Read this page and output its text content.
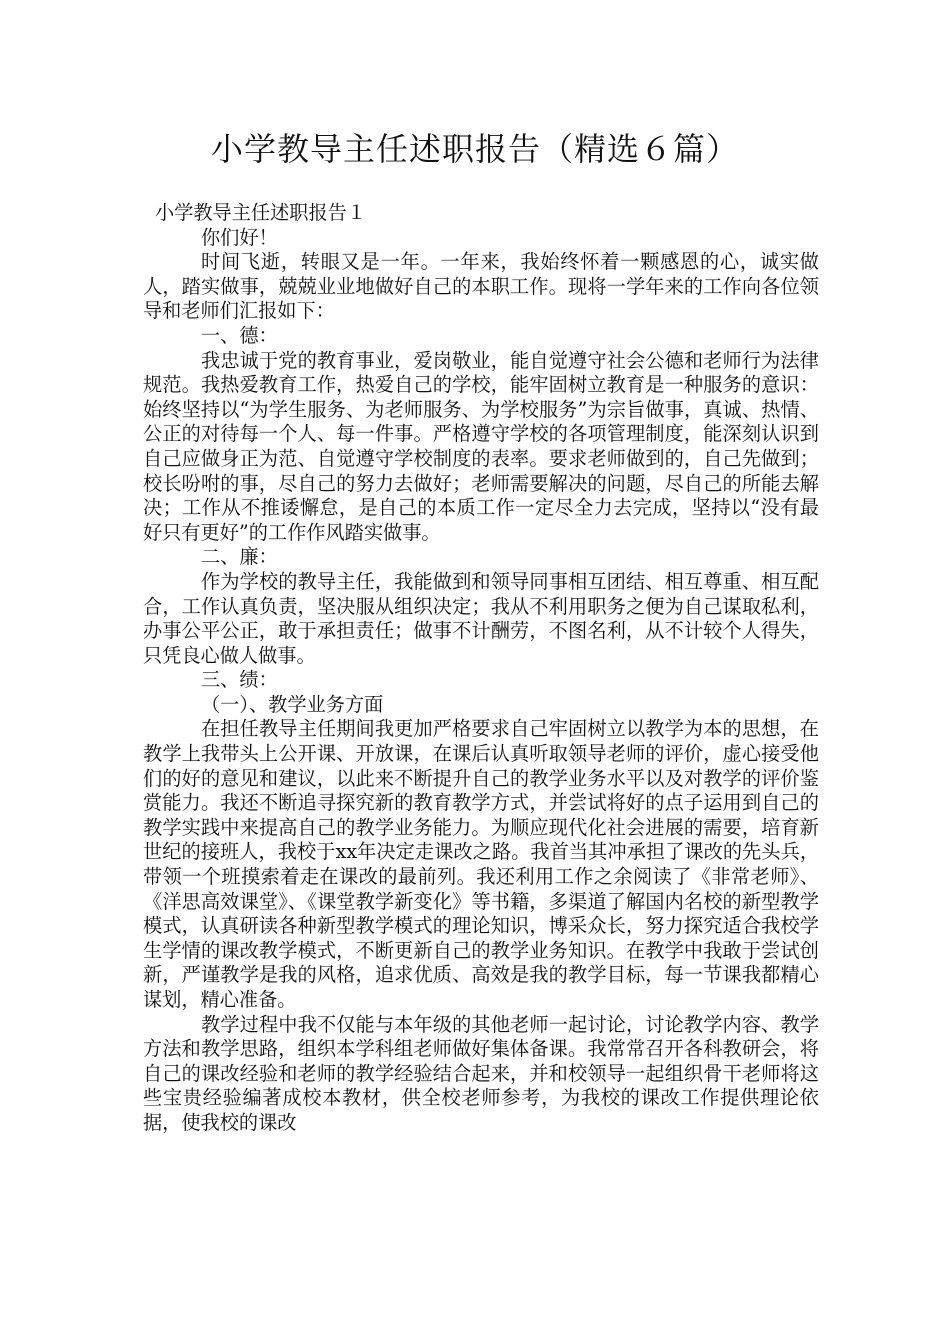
小学教导主任述职报告（精选６篇）

小学教导主任述职报告１

你们好！

时间飞逝，转眼又是一年。一年来，我始终怀着一颗感恩的心，诚实做人，踏实做事，兢兢业业地做好自己的本职工作。现将一学年来的工作向各位领导和老师们汇报如下：

一、德：

我忠诚于党的教育事业，爱岗敬业，能自觉遵守社会公德和老师行为法律规范。我热爱教育工作，热爱自己的学校，能牢固树立教育是一种服务的意识：始终坚持以“为学生服务、为老师服务、为学校服务”为宗旨做事，真诚、热情、公正的对待每一个人、每一件事。严格遵守学校的各项管理制度，能深刻认识到自己应做身正为范、自觉遵守学校制度的表率。要求老师做到的，自己先做到；校长吩咐的事，尽自己的努力去做好；老师需要解决的问题，尽自己的所能去解决；工作从不推诿懈怠，是自己的本质工作一定尽全力去完成，坚持以“没有最好只有更好”的工作作风踏实做事。

二、廉：

作为学校的教导主任，我能做到和领导同事相互团结、相互尊重、相互配合，工作认真负责，坚决服从组织决定；我从不利用职务之便为自己谋取私利，办事公平公正，敢于承担责任；做事不计酬劳，不图名利，从不计较个人得失，只凭良心做人做事。

三、绩：

（一）、教学业务方面

在担任教导主任期间我更加严格要求自己牢固树立以教学为本的思想，在教学上我带头上公开课、开放课，在课后认真听取领导老师的评价，虚心接受他们的好的意见和建议，以此来不断提升自己的教学业务水平以及对教学的评价鉴赏能力。我还不断追寻探究新的教育教学方式，并尝试将好的点子运用到自己的教学实践中来提高自己的教学业务能力。为顺应现代化社会进展的需要，培育新世纪的接班人，我校于xx年决定走课改之路。我首当其冲承担了课改的先头兵，带领一个班摸索着走在课改的最前列。我还利用工作之余阅读了《非常老师》、《洋思高效课堂》、《课堂教学新变化》等书籍，多渠道了解国内名校的新型教学模式，认真研读各种新型教学模式的理论知识，博采众长，努力探究适合我校学生学情的课改教学模式，不断更新自己的教学业务知识。在教学中我敢于尝试创新，严谨教学是我的风格，追求优质、高效是我的教学目标，每一节课我都精心谋划，精心准备。

教学过程中我不仅能与本年级的其他老师一起讨论，讨论教学内容、教学方法和教学思路，组织本学科组老师做好集体备课。我常常召开各科教研会，将自己的课改经验和老师的教学经验结合起来，并和校领导一起组织骨干老师将这些宝贵经验编著成校本教材，供全校老师参考，为我校的课改工作提供理论依据，使我校的课改
